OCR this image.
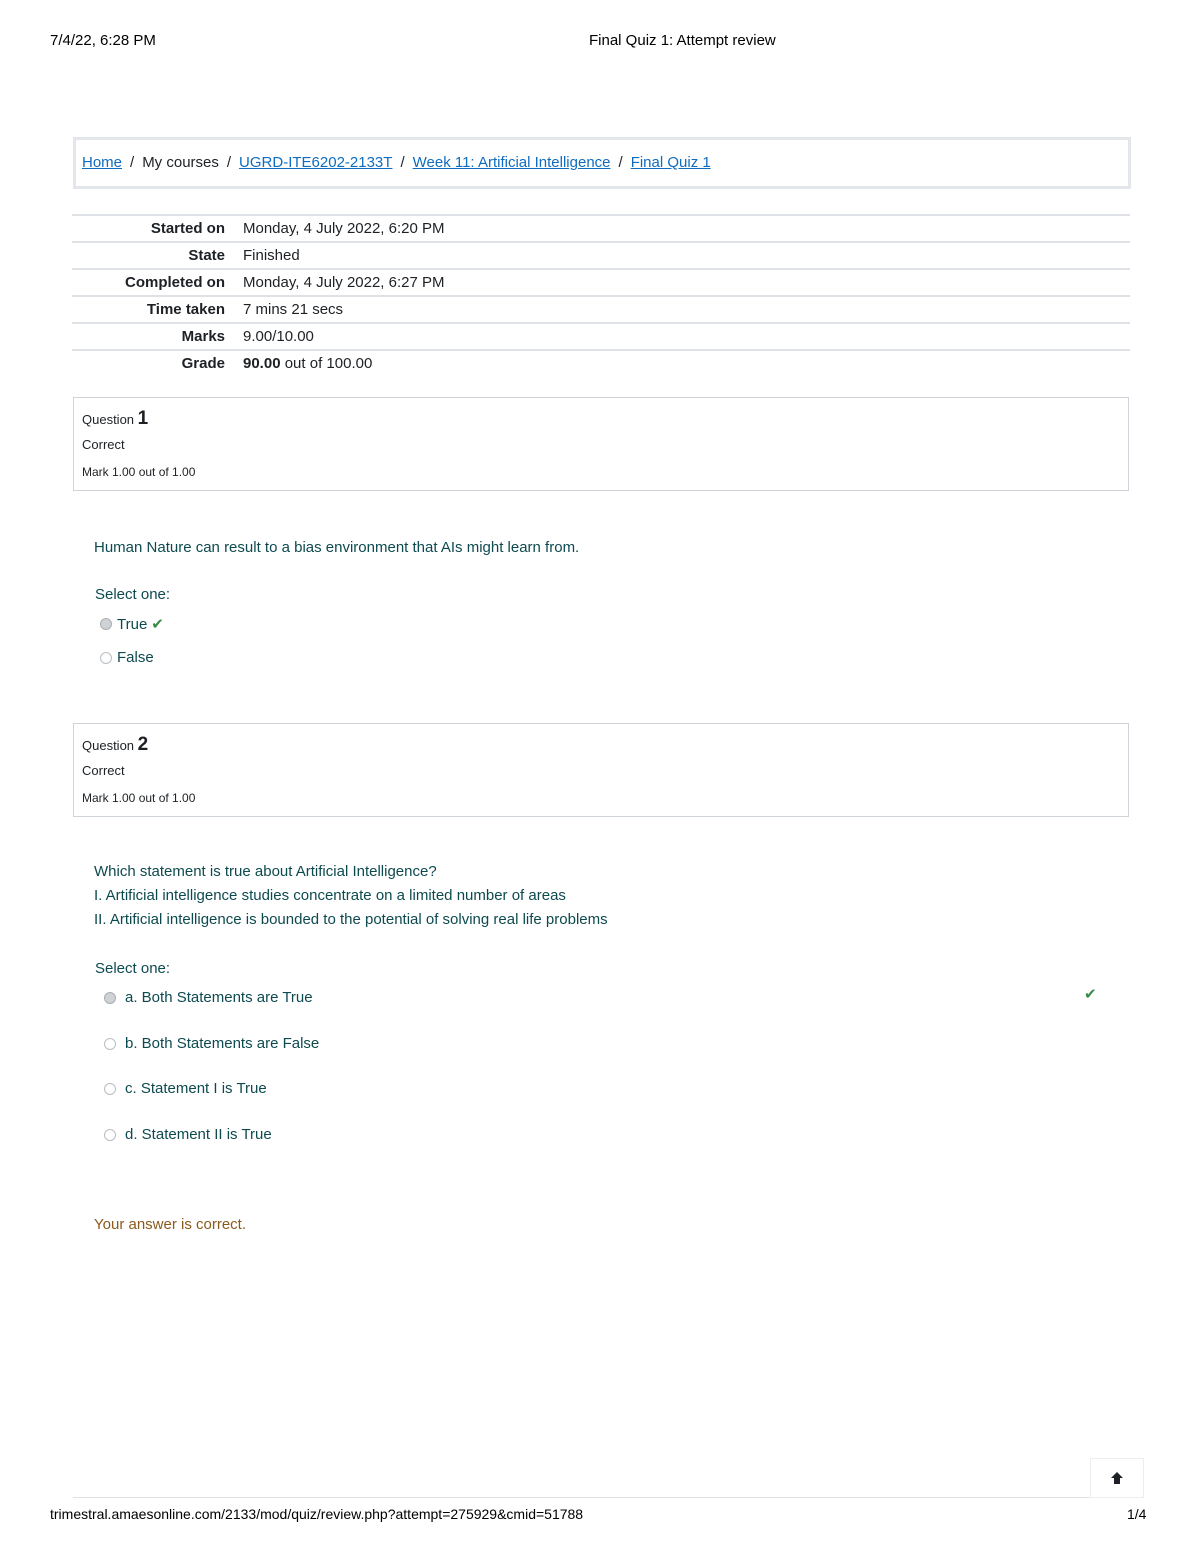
7/4/22, 6:28 PM	Final Quiz 1: Attempt review
Home / My courses / UGRD-ITE6202-2133T / Week 11: Artificial Intelligence / Final Quiz 1
Started on Monday, 4 July 2022, 6:20 PM
State Finished
Completed on Monday, 4 July 2022, 6:27 PM
Time taken 7 mins 21 secs
Marks 9.00/10.00
Grade 90.00 out of 100.00
Question 1
Correct
Mark 1.00 out of 1.00
Human Nature can result to a bias environment that AIs might learn from.
Select one:
True ✔
False
Question 2
Correct
Mark 1.00 out of 1.00
Which statement is true about Artificial Intelligence?
I. Artificial intelligence studies concentrate on a limited number of areas
II. Artificial intelligence is bounded to the potential of solving real life problems
Select one:
a. Both Statements are True	✔
b. Both Statements are False
c. Statement I is True
d. Statement II is True
Your answer is correct.
trimestral.amaesonline.com/2133/mod/quiz/review.php?attempt=275929&cmid=51788	1/4
